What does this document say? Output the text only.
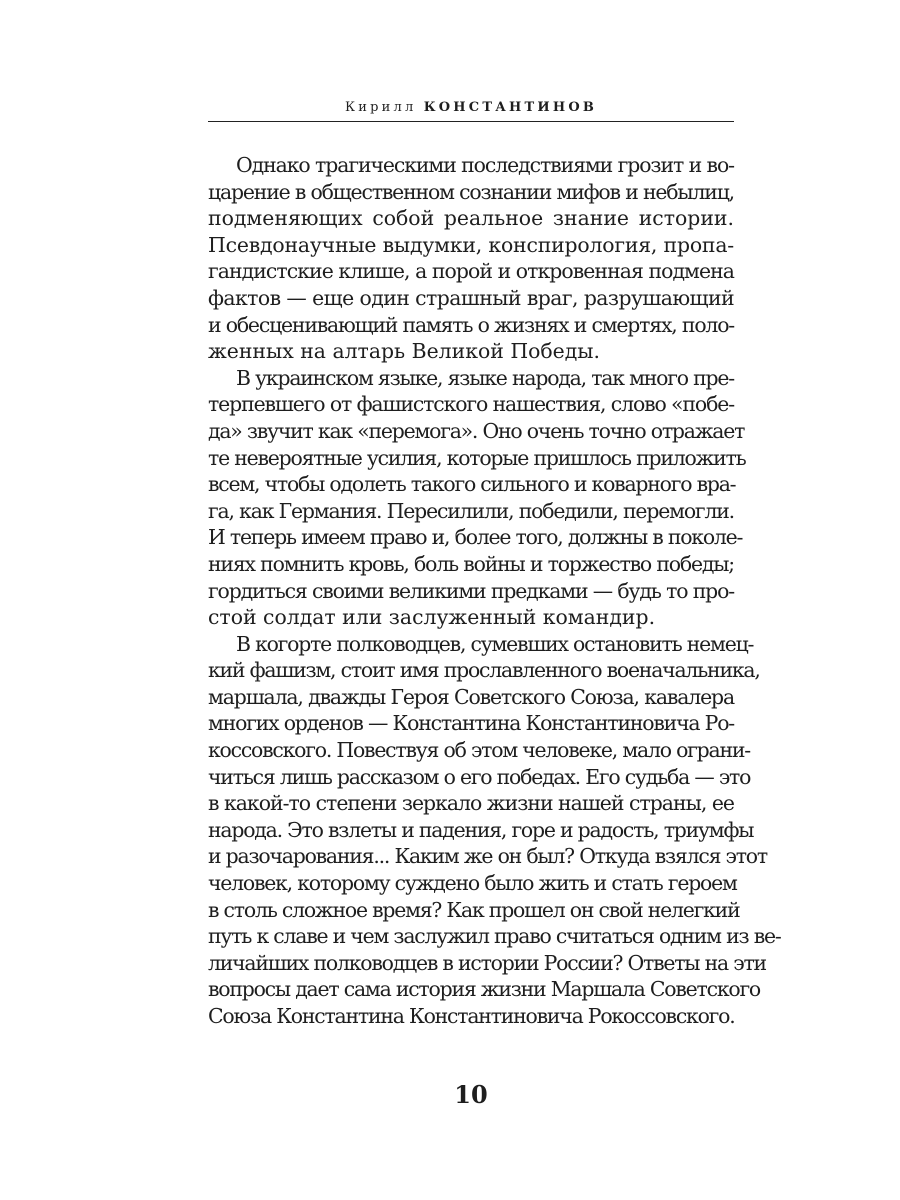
Кирилл КОНСТАНТИНОВ
Однако трагическими последствиями грозит и во-
царение в общественном сознании мифов и небылиц,
подменяющих собой реальное знание истории.
Псевдонаучные выдумки, конспирология, пропа-
гандистские клише, а порой и откровенная подмена
фактов — еще один страшный враг, разрушающий
и обесценивающий память о жизнях и смертях, поло-
женных на алтарь Великой Победы.
В украинском языке, языке народа, так много пре-
терпевшего от фашистского нашествия, слово «побе-
да» звучит как «перемога». Оно очень точно отражает
те невероятные усилия, которые пришлось приложить
всем, чтобы одолеть такого сильного и коварного вра-
га, как Германия. Пересилили, победили, перемогли.
И теперь имеем право и, более того, должны в поколе-
ниях помнить кровь, боль войны и торжество победы;
гордиться своими великими предками — будь то про-
стой солдат или заслуженный командир.
В когорте полководцев, сумевших остановить немец-
кий фашизм, стоит имя прославленного военачальника,
маршала, дважды Героя Советского Союза, кавалера
многих орденов — Константина Константиновича Ро-
коссовского. Повествуя об этом человеке, мало ограни-
читься лишь рассказом о его победах. Его судьба — это
в какой-то степени зеркало жизни нашей страны, ее
народа. Это взлеты и падения, горе и радость, триумфы
и разочарования... Каким же он был? Откуда взялся этот
человек, которому суждено было жить и стать героем
в столь сложное время? Как прошел он свой нелегкий
путь к славе и чем заслужил право считаться одним из ве-
личайших полководцев в истории России? Ответы на эти
вопросы дает сама история жизни Маршала Советского
Союза Константина Константиновича Рокоссовского.
10
